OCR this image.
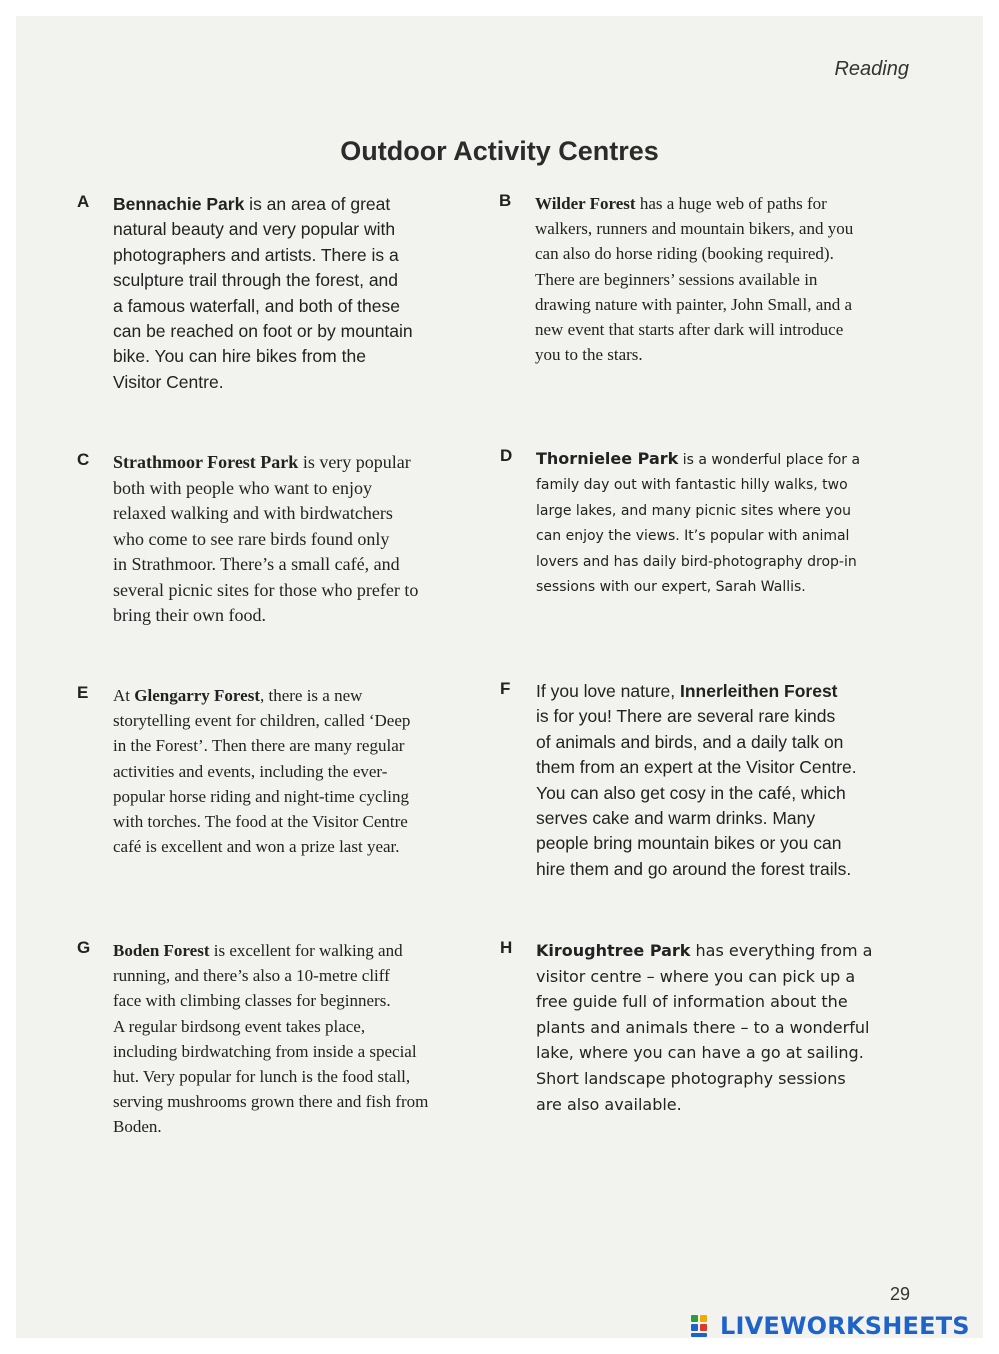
Reading
Outdoor Activity Centres
A Bennachie Park is an area of great
natural beauty and very popular with
photographers and artists. There is a
sculpture trail through the forest, and
a famous waterfall, and both of these
can be reached on foot or by mountain
bike. You can hire bikes from the
Visitor Centre.
B Wilder Forest has a huge web of paths for
walkers, runners and mountain bikers, and you
can also do horse riding (booking required).
There are beginners’ sessions available in
drawing nature with painter, John Small, and a
new event that starts after dark will introduce
you to the stars.
C Strathmoor Forest Park is very popular
both with people who want to enjoy
relaxed walking and with birdwatchers
who come to see rare birds found only
in Strathmoor. There’s a small café, and
several picnic sites for those who prefer to
bring their own food.
D Thornielee Park is a wonderful place for a
family day out with fantastic hilly walks, two
large lakes, and many picnic sites where you
can enjoy the views. It’s popular with animal
lovers and has daily bird-photography drop-in
sessions with our expert, Sarah Wallis.
E At Glengarry Forest, there is a new
storytelling event for children, called ‘Deep
in the Forest’. Then there are many regular
activities and events, including the ever-
popular horse riding and night-time cycling
with torches. The food at the Visitor Centre
café is excellent and won a prize last year.
F If you love nature, Innerleithen Forest
is for you! There are several rare kinds
of animals and birds, and a daily talk on
them from an expert at the Visitor Centre.
You can also get cosy in the café, which
serves cake and warm drinks. Many
people bring mountain bikes or you can
hire them and go around the forest trails.
G Boden Forest is excellent for walking and
running, and there’s also a 10-metre cliff
face with climbing classes for beginners.
A regular birdsong event takes place,
including birdwatching from inside a special
hut. Very popular for lunch is the food stall,
serving mushrooms grown there and fish from
Boden.
H Kiroughtree Park has everything from a
visitor centre – where you can pick up a
free guide full of information about the
plants and animals there – to a wonderful
lake, where you can have a go at sailing.
Short landscape photography sessions
are also available.
29
LIVEWORKSHEETS
